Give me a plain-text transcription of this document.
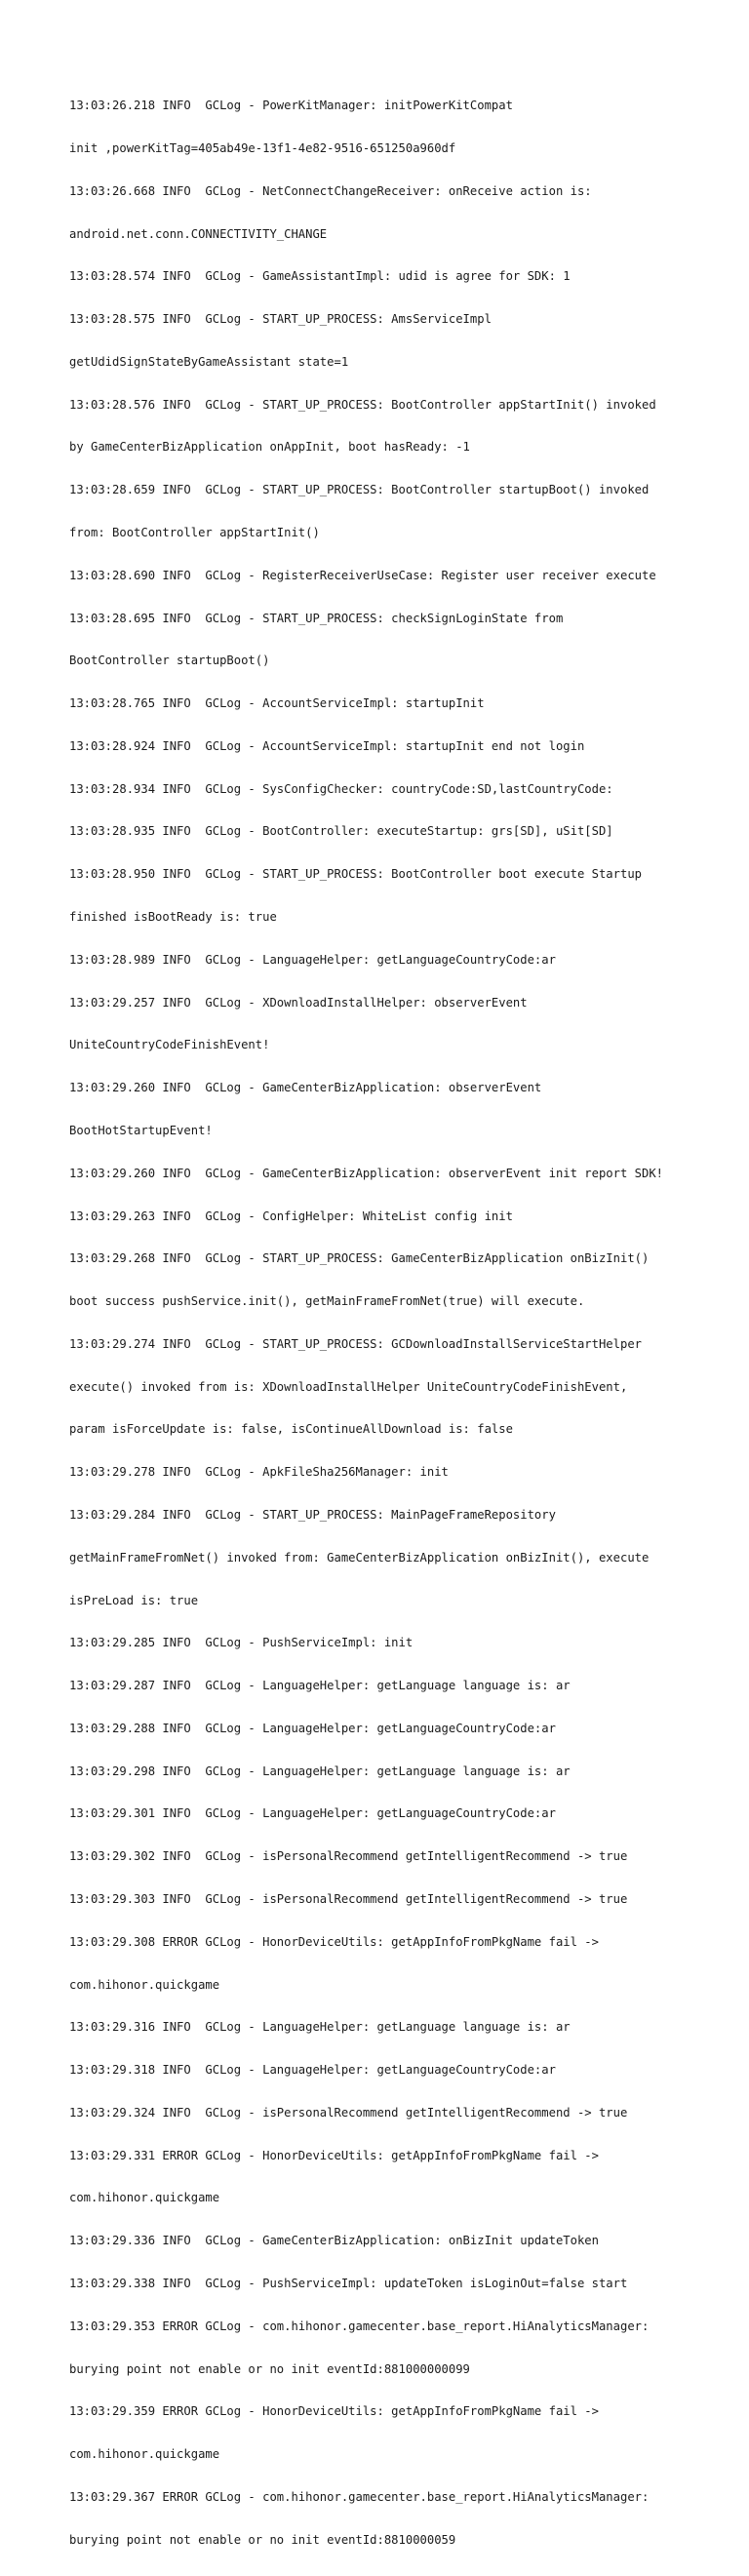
13:03:26.218 INFO  GCLog - PowerKitManager: initPowerKitCompat

init ,powerKitTag=405ab49e-13f1-4e82-9516-651250a960df

13:03:26.668 INFO  GCLog - NetConnectChangeReceiver: onReceive action is:

android.net.conn.CONNECTIVITY_CHANGE

13:03:28.574 INFO  GCLog - GameAssistantImpl: udid is agree for SDK: 1

13:03:28.575 INFO  GCLog - START_UP_PROCESS: AmsServiceImpl

getUdidSignStateByGameAssistant state=1

13:03:28.576 INFO  GCLog - START_UP_PROCESS: BootController appStartInit() invoked

by GameCenterBizApplication onAppInit, boot hasReady: -1

13:03:28.659 INFO  GCLog - START_UP_PROCESS: BootController startupBoot() invoked

from: BootController appStartInit()

13:03:28.690 INFO  GCLog - RegisterReceiverUseCase: Register user receiver execute

13:03:28.695 INFO  GCLog - START_UP_PROCESS: checkSignLoginState from

BootController startupBoot()

13:03:28.765 INFO  GCLog - AccountServiceImpl: startupInit

13:03:28.924 INFO  GCLog - AccountServiceImpl: startupInit end not login

13:03:28.934 INFO  GCLog - SysConfigChecker: countryCode:SD,lastCountryCode:

13:03:28.935 INFO  GCLog - BootController: executeStartup: grs[SD], uSit[SD]

13:03:28.950 INFO  GCLog - START_UP_PROCESS: BootController boot execute Startup

finished isBootReady is: true

13:03:28.989 INFO  GCLog - LanguageHelper: getLanguageCountryCode:ar

13:03:29.257 INFO  GCLog - XDownloadInstallHelper: observerEvent

UniteCountryCodeFinishEvent!

13:03:29.260 INFO  GCLog - GameCenterBizApplication: observerEvent

BootHotStartupEvent!

13:03:29.260 INFO  GCLog - GameCenterBizApplication: observerEvent init report SDK!

13:03:29.263 INFO  GCLog - ConfigHelper: WhiteList config init

13:03:29.268 INFO  GCLog - START_UP_PROCESS: GameCenterBizApplication onBizInit()

boot success pushService.init(), getMainFrameFromNet(true) will execute.

13:03:29.274 INFO  GCLog - START_UP_PROCESS: GCDownloadInstallServiceStartHelper

execute() invoked from is: XDownloadInstallHelper UniteCountryCodeFinishEvent,

param isForceUpdate is: false, isContinueAllDownload is: false

13:03:29.278 INFO  GCLog - ApkFileSha256Manager: init

13:03:29.284 INFO  GCLog - START_UP_PROCESS: MainPageFrameRepository

getMainFrameFromNet() invoked from: GameCenterBizApplication onBizInit(), execute

isPreLoad is: true

13:03:29.285 INFO  GCLog - PushServiceImpl: init

13:03:29.287 INFO  GCLog - LanguageHelper: getLanguage language is: ar

13:03:29.288 INFO  GCLog - LanguageHelper: getLanguageCountryCode:ar

13:03:29.298 INFO  GCLog - LanguageHelper: getLanguage language is: ar

13:03:29.301 INFO  GCLog - LanguageHelper: getLanguageCountryCode:ar

13:03:29.302 INFO  GCLog - isPersonalRecommend getIntelligentRecommend -> true

13:03:29.303 INFO  GCLog - isPersonalRecommend getIntelligentRecommend -> true

13:03:29.308 ERROR GCLog - HonorDeviceUtils: getAppInfoFromPkgName fail ->

com.hihonor.quickgame

13:03:29.316 INFO  GCLog - LanguageHelper: getLanguage language is: ar

13:03:29.318 INFO  GCLog - LanguageHelper: getLanguageCountryCode:ar

13:03:29.324 INFO  GCLog - isPersonalRecommend getIntelligentRecommend -> true

13:03:29.331 ERROR GCLog - HonorDeviceUtils: getAppInfoFromPkgName fail ->

com.hihonor.quickgame

13:03:29.336 INFO  GCLog - GameCenterBizApplication: onBizInit updateToken

13:03:29.338 INFO  GCLog - PushServiceImpl: updateToken isLoginOut=false start

13:03:29.353 ERROR GCLog - com.hihonor.gamecenter.base_report.HiAnalyticsManager:

burying point not enable or no init eventId:881000000099

13:03:29.359 ERROR GCLog - HonorDeviceUtils: getAppInfoFromPkgName fail ->

com.hihonor.quickgame

13:03:29.367 ERROR GCLog - com.hihonor.gamecenter.base_report.HiAnalyticsManager:

burying point not enable or no init eventId:8810000059
